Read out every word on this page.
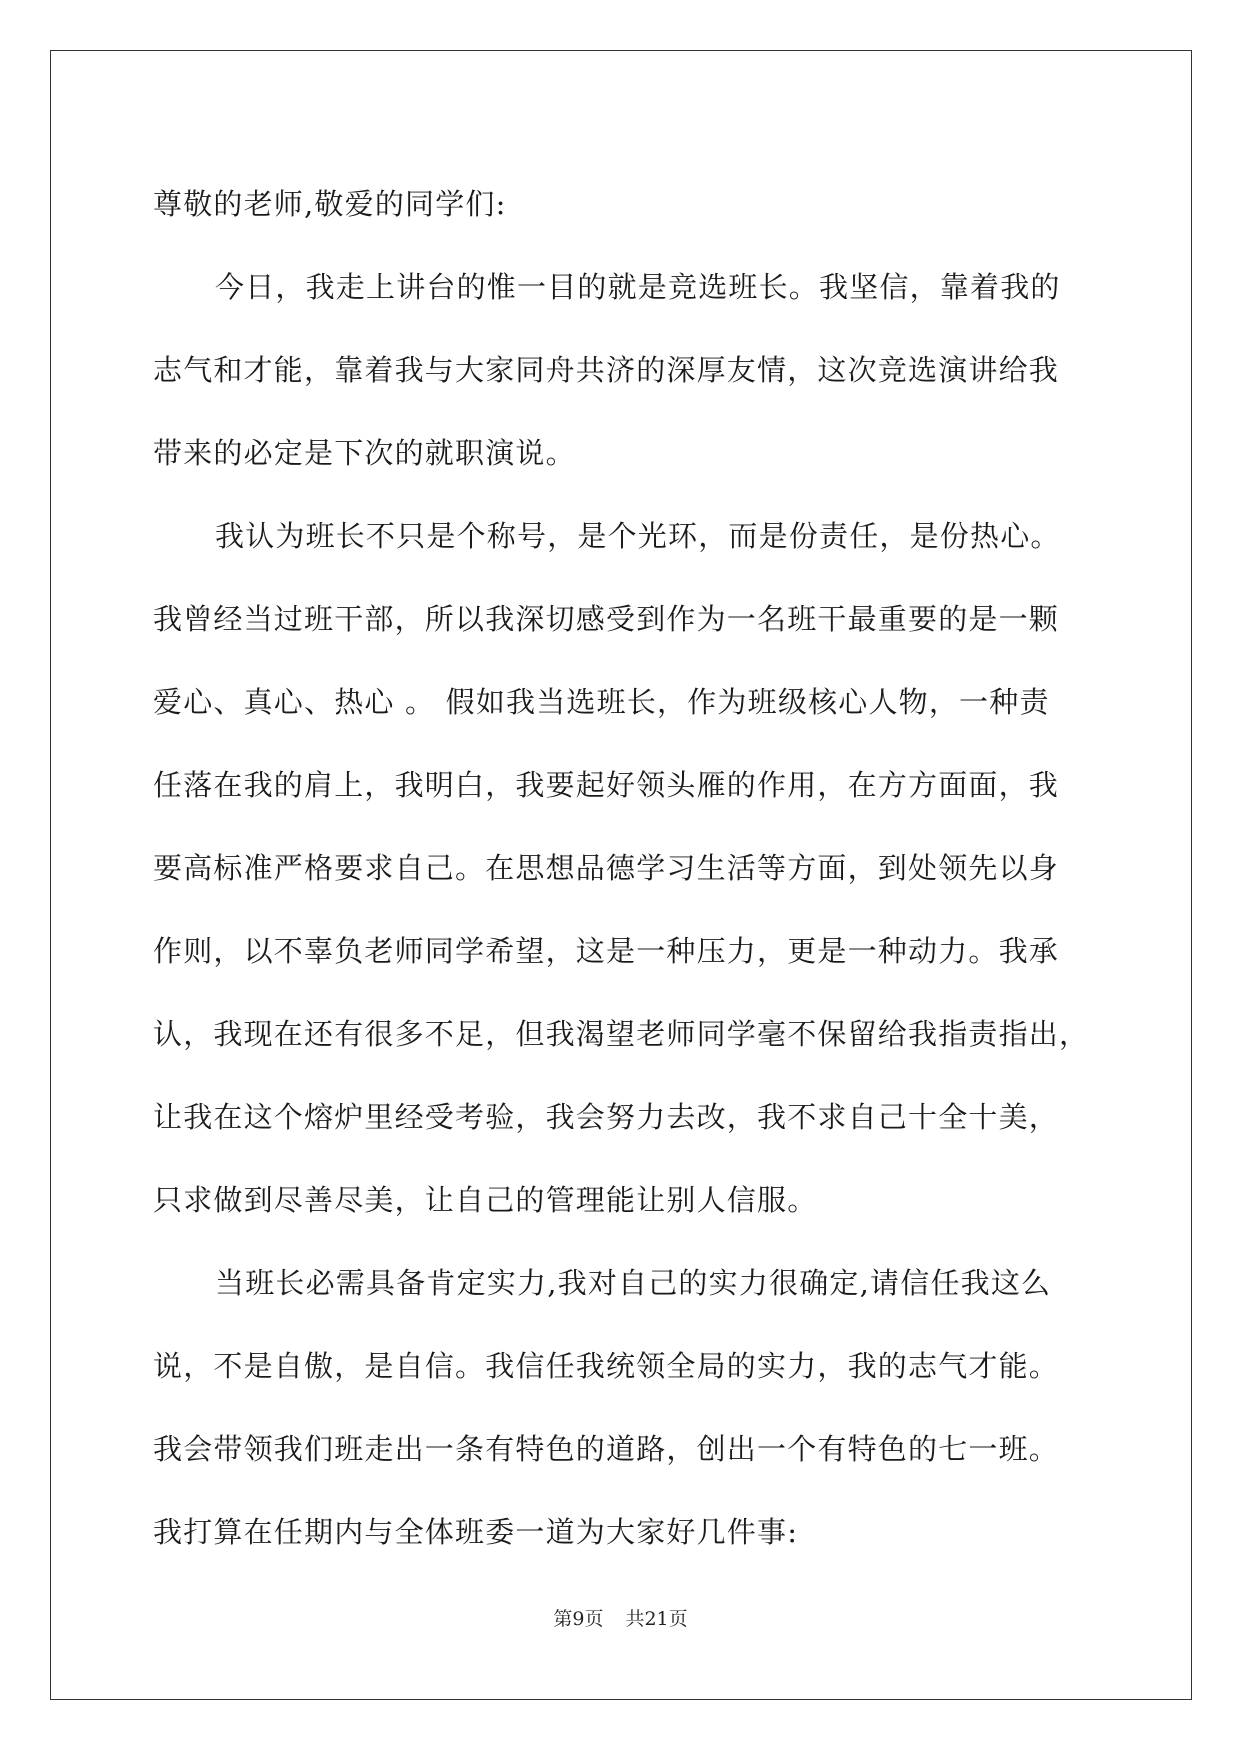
尊敬的老师,敬爱的同学们:

今日，我走上讲台的惟一目的就是竞选班长。我坚信，靠着我的
志气和才能，靠着我与大家同舟共济的深厚友情，这次竞选演讲给我
带来的必定是下次的就职演说。

我认为班长不只是个称号，是个光环，而是份责任，是份热心。
我曾经当过班干部，所以我深切感受到作为一名班干最重要的是一颗
爱心、真心、热心 。 假如我当选班长，作为班级核心人物，一种责
任落在我的肩上，我明白，我要起好领头雁的作用，在方方面面，我
要高标准严格要求自己。在思想品德学习生活等方面，到处领先以身
作则，以不辜负老师同学希望，这是一种压力，更是一种动力。我承
认，我现在还有很多不足，但我渴望老师同学毫不保留给我指责指出，
让我在这个熔炉里经受考验，我会努力去改，我不求自己十全十美，
只求做到尽善尽美，让自己的管理能让别人信服。

当班长必需具备肯定实力,我对自己的实力很确定,请信任我这么
说，不是自傲，是自信。我信任我统领全局的实力，我的志气才能。
我会带领我们班走出一条有特色的道路，创出一个有特色的七一班。
我打算在任期内与全体班委一道为大家好几件事:

第9页 共21页
